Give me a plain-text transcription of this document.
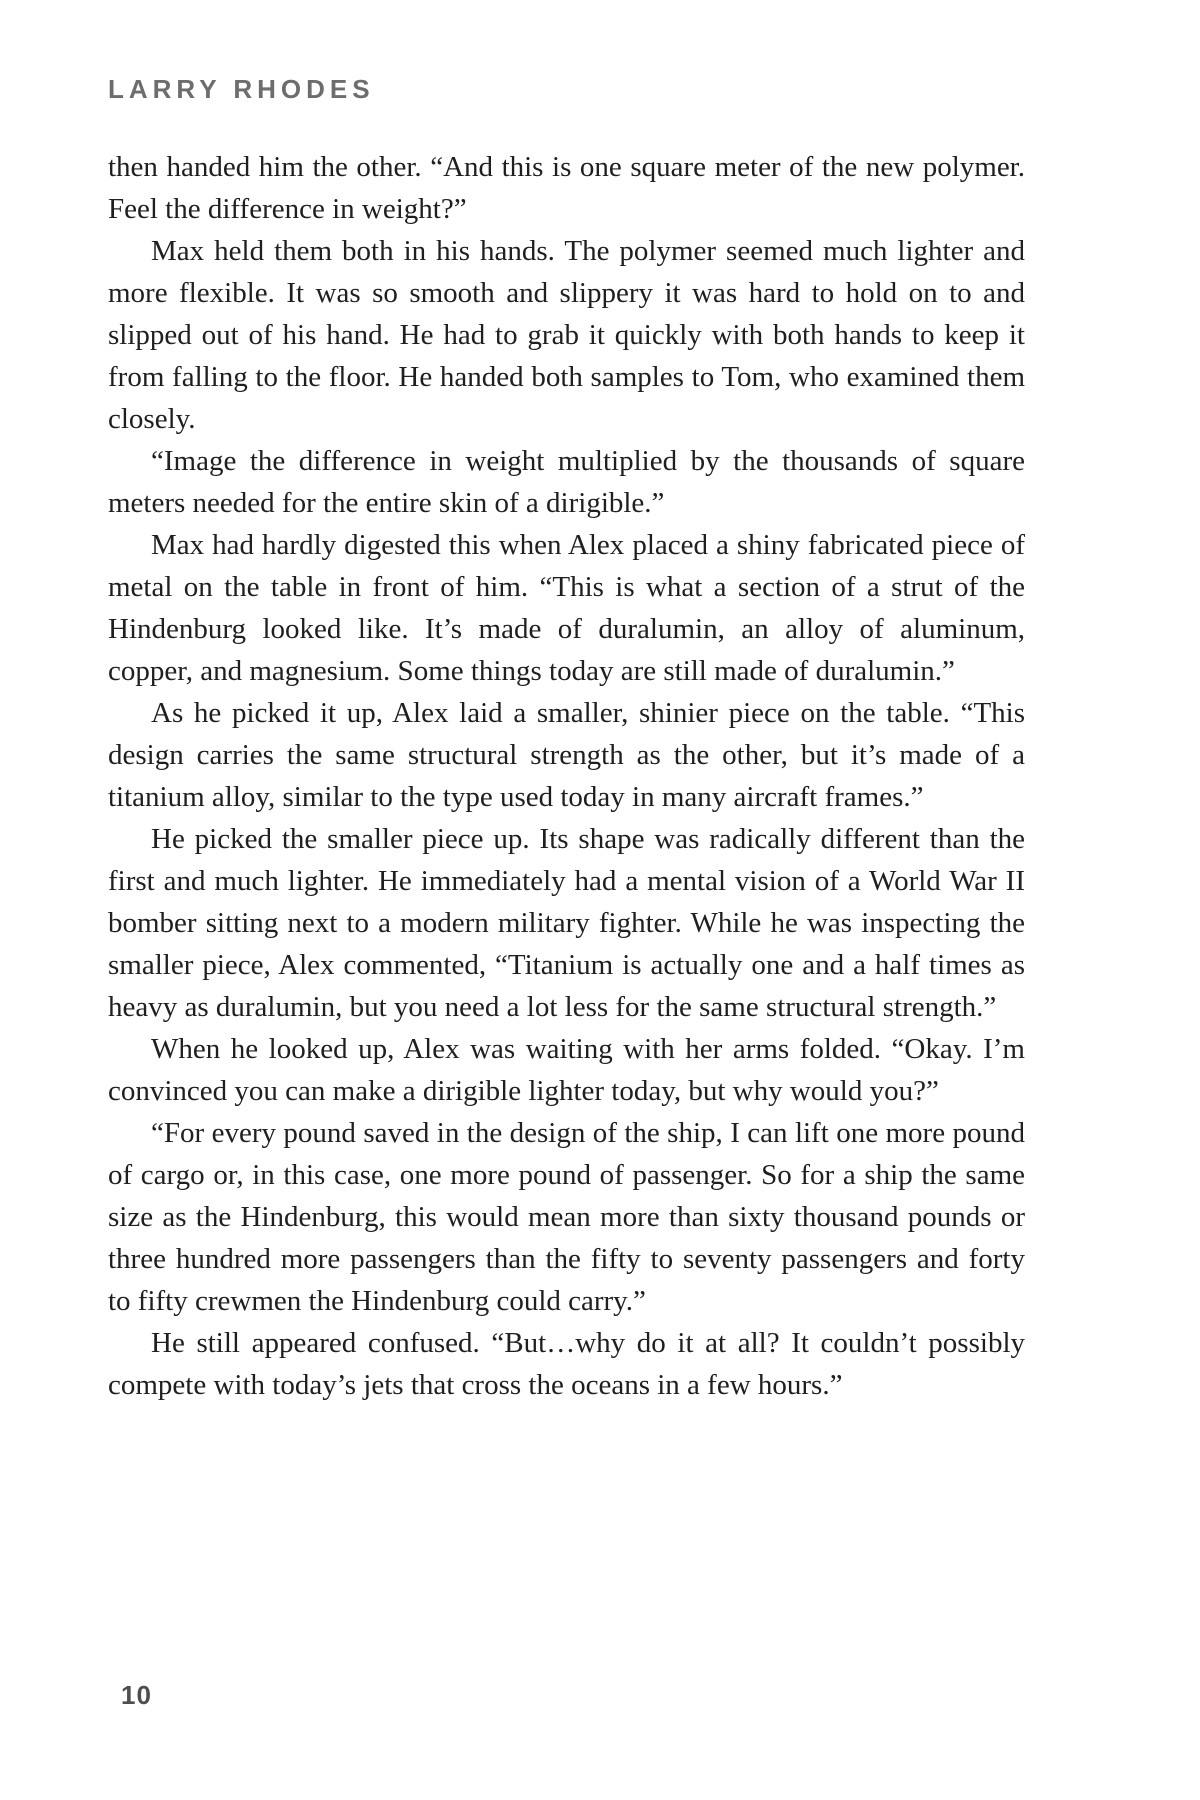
LARRY RHODES

then handed him the other. “And this is one square meter of the new polymer. Feel the difference in weight?”

Max held them both in his hands. The polymer seemed much lighter and more flexible. It was so smooth and slippery it was hard to hold on to and slipped out of his hand. He had to grab it quickly with both hands to keep it from falling to the floor. He handed both samples to Tom, who examined them closely.

“Image the difference in weight multiplied by the thousands of square meters needed for the entire skin of a dirigible.”

Max had hardly digested this when Alex placed a shiny fabricated piece of metal on the table in front of him. “This is what a section of a strut of the Hindenburg looked like. It’s made of duralumin, an alloy of aluminum, copper, and magnesium. Some things today are still made of duralumin.”

As he picked it up, Alex laid a smaller, shinier piece on the table. “This design carries the same structural strength as the other, but it’s made of a titanium alloy, similar to the type used today in many aircraft frames.”

He picked the smaller piece up. Its shape was radically different than the first and much lighter. He immediately had a mental vision of a World War II bomber sitting next to a modern military fighter. While he was inspecting the smaller piece, Alex commented, “Titanium is actually one and a half times as heavy as duralumin, but you need a lot less for the same structural strength.”

When he looked up, Alex was waiting with her arms folded. “Okay. I’m convinced you can make a dirigible lighter today, but why would you?”

“For every pound saved in the design of the ship, I can lift one more pound of cargo or, in this case, one more pound of passenger. So for a ship the same size as the Hindenburg, this would mean more than sixty thousand pounds or three hundred more passengers than the fifty to seventy passengers and forty to fifty crewmen the Hindenburg could carry.”

He still appeared confused. “But…why do it at all? It couldn’t possibly compete with today’s jets that cross the oceans in a few hours.”

10
